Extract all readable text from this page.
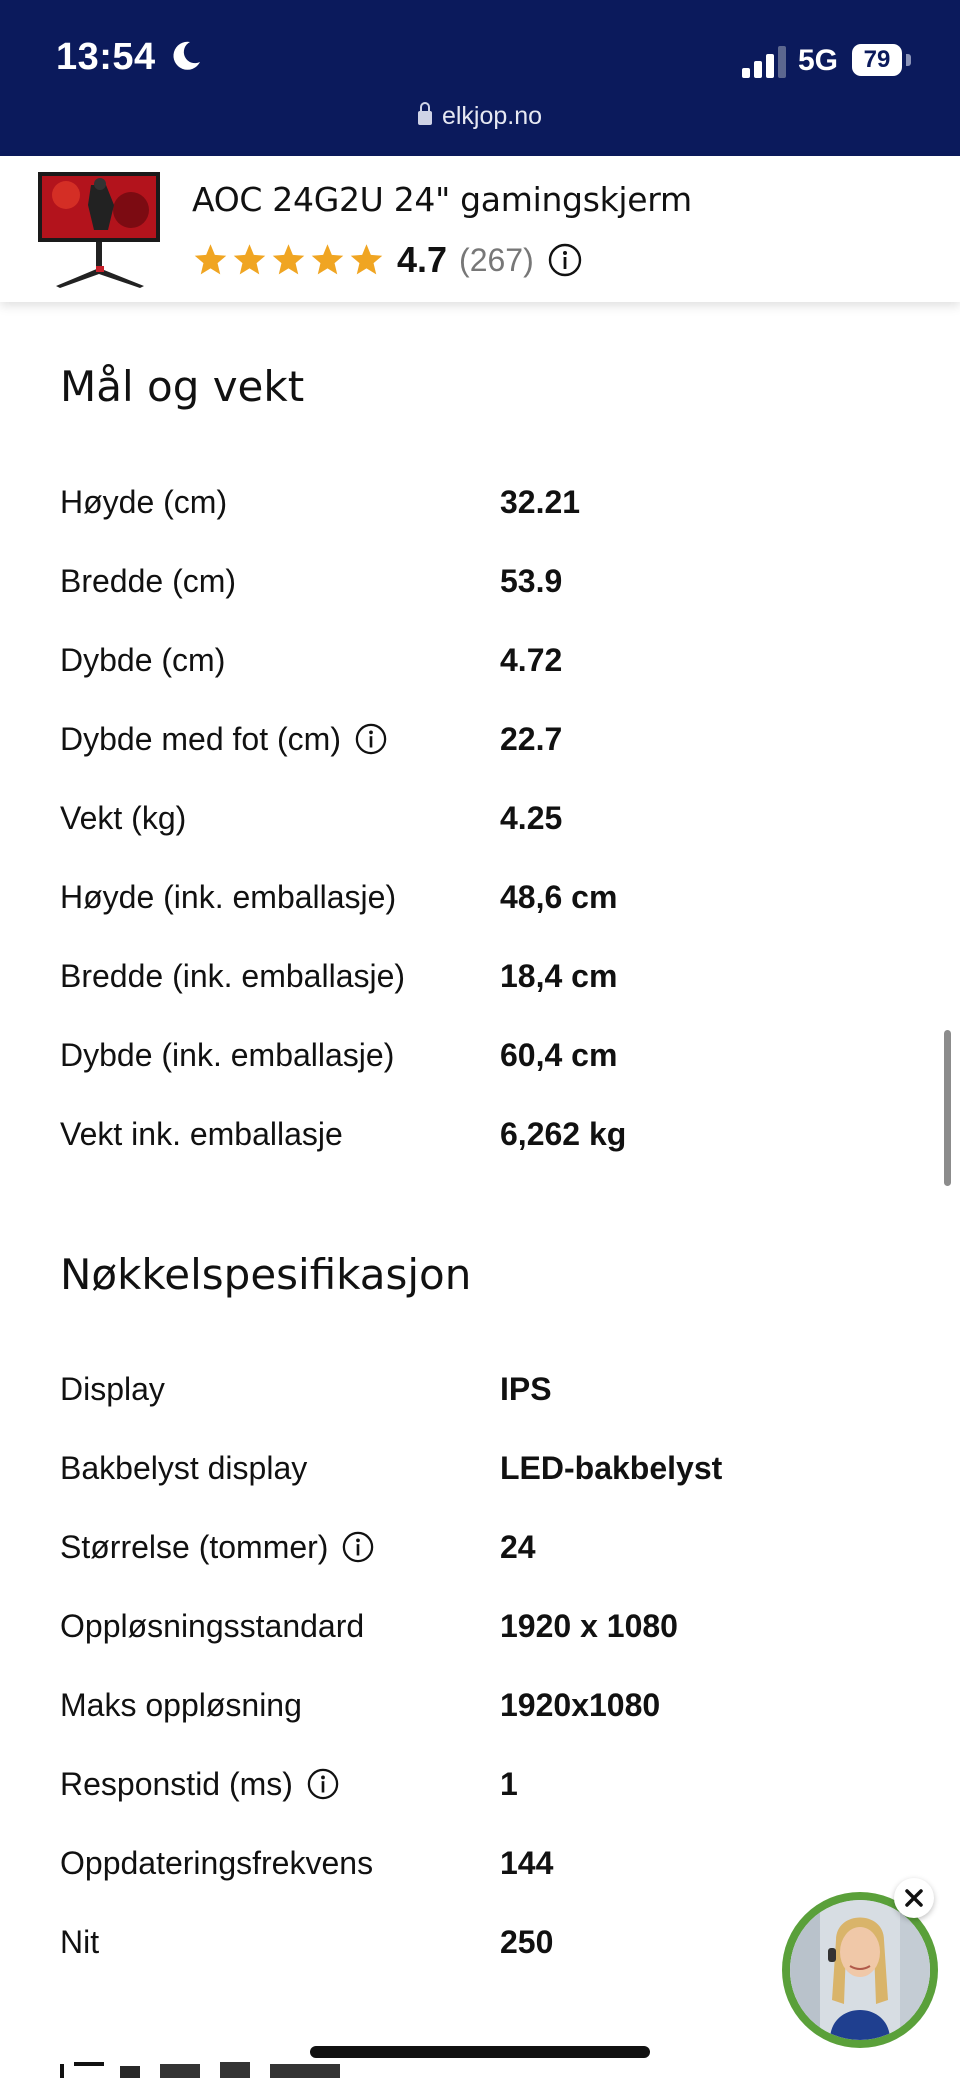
13:54	5G	79
elkjop.no
AOC 24G2U 24" gamingskjerm
4.7 (267)
Mål og vekt
Høyde (cm)	32.21
Bredde (cm)	53.9
Dybde (cm)	4.72
Dybde med fot (cm)	22.7
Vekt (kg)	4.25
Høyde (ink. emballasje)	48,6 cm
Bredde (ink. emballasje)	18,4 cm
Dybde (ink. emballasje)	60,4 cm
Vekt ink. emballasje	6,262 kg
Nøkkelspesifikasjon
Display	IPS
Bakbelyst display	LED-bakbelyst
Størrelse (tommer)	24
Oppløsningsstandard	1920 x 1080
Maks oppløsning	1920x1080
Responstid (ms)	1
Oppdateringsfrekvens	144
Nit	250
